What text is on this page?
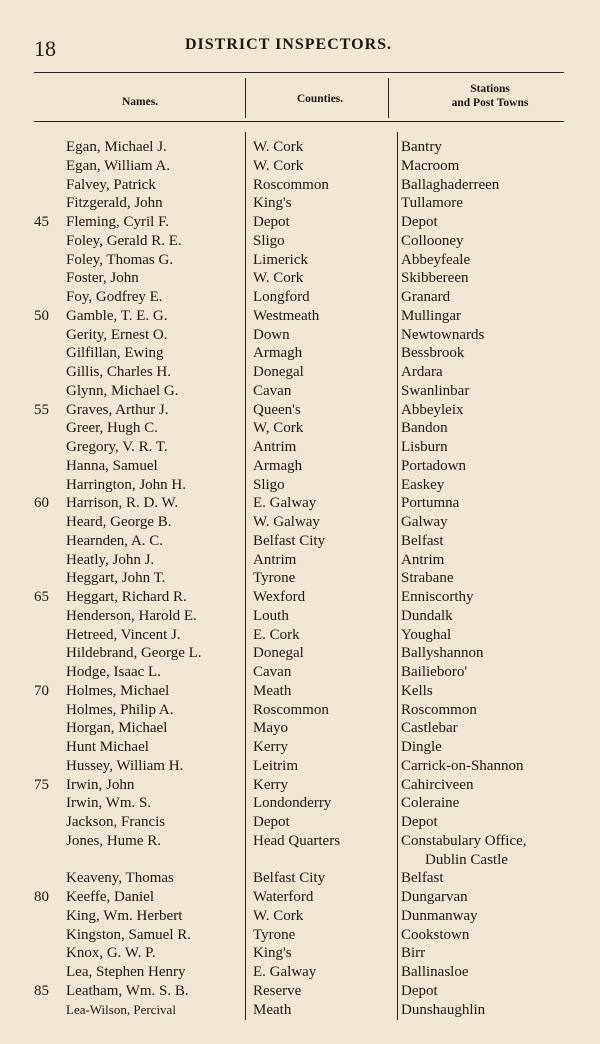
18	DISTRICT INSPECTORS.
Names.	Counties.
Stations
and Post Towns
Egan, Michael J.	W. Cork	Bantry
Egan, William A.	W. Cork	Macroom
Falvey, Patrick	Roscommon	Ballaghaderreen
Fitzgerald, John	King's	Tullamore
45	Fleming, Cyril F.	Depot	Depot
Foley, Gerald R. E.	Sligo	Collooney
Foley, Thomas G.	Limerick	Abbeyfeale
Foster, John	W. Cork	Skibbereen
Foy, Godfrey E.	Longford	Granard
50	Gamble, T. E. G.	Westmeath	Mullingar
Gerity, Ernest O.	Down	Newtownards
Gilfillan, Ewing	Armagh	Bessbrook
Gillis, Charles H.	Donegal	Ardara
Glynn, Michael G.	Cavan	Swanlinbar
55	Graves, Arthur J.	Queen's	Abbeyleix
Greer, Hugh C.	W, Cork	Bandon
Gregory, V. R. T.	Antrim	Lisburn
Hanna, Samuel	Armagh	Portadown
Harrington, John H.	Sligo	Easkey
60	Harrison, R. D. W.	E. Galway	Portumna
Heard, George B.	W. Galway	Galway
Hearnden, A. C.	Belfast City	Belfast
Heatly, John J.	Antrim	Antrim
Heggart, John T.	Tyrone	Strabane
65	Heggart, Richard R.	Wexford	Enniscorthy
Henderson, Harold E.	Louth	Dundalk
Hetreed, Vincent J.	E. Cork	Youghal
Hildebrand, George L.	Donegal	Ballyshannon
Hodge, Isaac L.	Cavan	Bailieboro'
70	Holmes, Michael	Meath	Kells
Holmes, Philip A.	Roscommon	Roscommon
Horgan, Michael	Mayo	Castlebar
Hunt Michael	Kerry	Dingle
Hussey, William H.	Leitrim	Carrick-on-Shannon
75	Irwin, John	Kerry	Cahirciveen
Irwin, Wm. S.	Londonderry	Coleraine
Jackson, Francis	Depot	Depot
Jones, Hume R.	Head Quarters	Constabulary Office,
Dublin Castle
Keaveny, Thomas	Belfast City	Belfast
80	Keeffe, Daniel	Waterford	Dungarvan
King, Wm. Herbert	W. Cork	Dunmanway
Kingston, Samuel R.	Tyrone	Cookstown
Knox, G. W. P.	King's	Birr
Lea, Stephen Henry	E. Galway	Ballinasloe
85	Leatham, Wm. S. B.	Reserve	Depot
Lea-Wilson, Percival	Meath	Dunshaughlin
